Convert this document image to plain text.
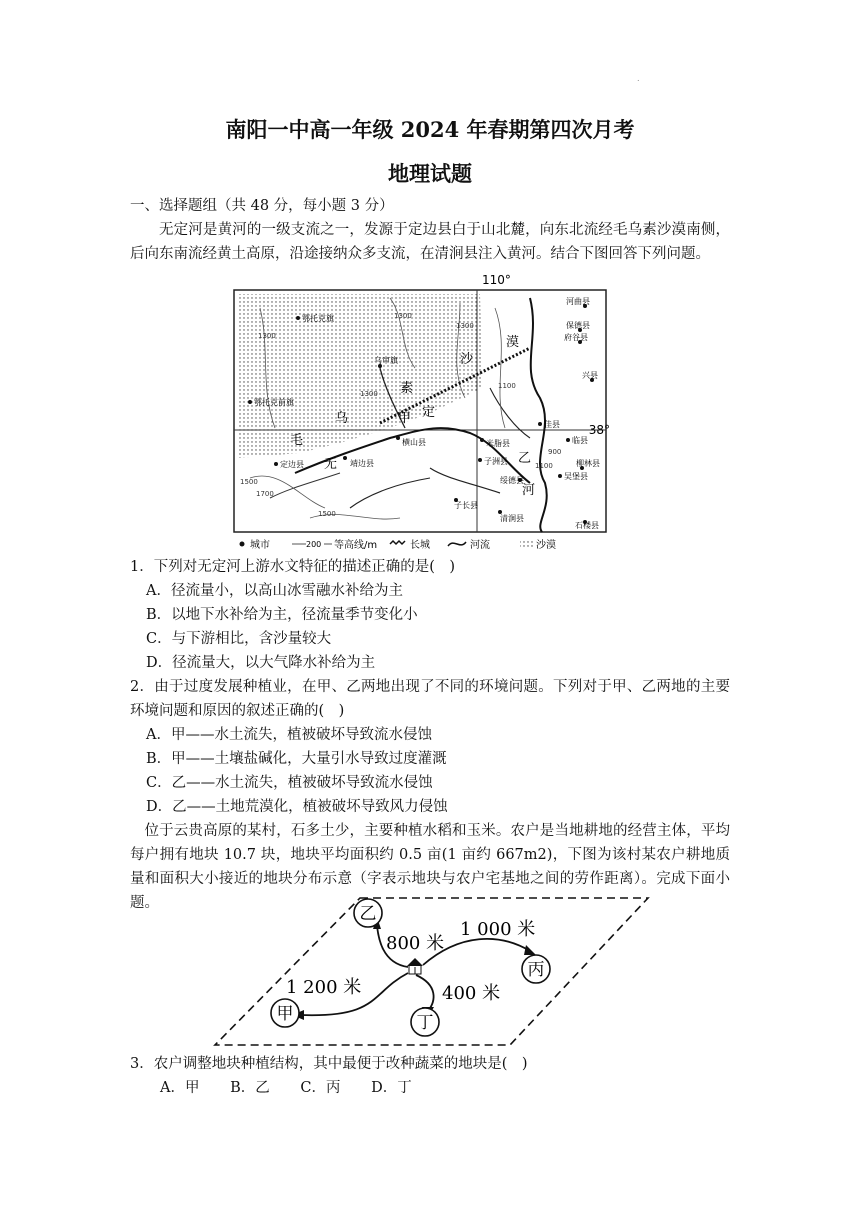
.
南阳一中高一年级 2024 年春期第四次月考
地理试题

一、选择题组（共 48 分，每小题 3 分）

无定河是黄河的一级支流之一，发源于定边县白于山北麓，向东北流经毛乌素沙漠南侧，后向东南流经黄土高原，沿途接纳众多支流，在清涧县注入黄河。结合下图回答下列问题。

110°
38°
鄂托克旗
乌审旗
鄂托克前旗
靖边县
横山县
定边县
米脂县
子洲县
绥德县
子长县
清涧县
佳县
临县
吴堡县
柳林县
石楼县
河曲县
保德县
府谷县
兴县
毛
乌
素
沙
漠
无
定
河
甲
乙
1300
1300
1300
1300
1100
1500
1700
1500
1100
900
城市	200 等高线/m	长城	河流	沙漠

1．下列对无定河上游水文特征的描述正确的是(　)

A．径流量小，以高山冰雪融水补给为主

B．以地下水补给为主，径流量季节变化小

C．与下游相比，含沙量较大

D．径流量大，以大气降水补给为主

2．由于过度发展种植业，在甲、乙两地出现了不同的环境问题。下列对于甲、乙两地的主要环境问题和原因的叙述正确的(　)

A．甲——水土流失，植被破坏导致流水侵蚀

B．甲——土壤盐碱化，大量引水导致过度灌溉

C．乙——水土流失，植被破坏导致流水侵蚀

D．乙——土地荒漠化，植被破坏导致风力侵蚀

位于云贵高原的某村，石多土少，主要种植水稻和玉米。农户是当地耕地的经营主体，平均每户拥有地块 10.7 块，地块平均面积约 0.5 亩(1 亩约 667m2)，下图为该村某农户耕地质量和面积大小接近的地块分布示意（字表示地块与农户宅基地之间的劳作距离）。完成下面小题。

乙
丙
丁
甲
800 米
1 000 米
1 200 米	400 米

3．农户调整地块种植结构，其中最便于改种蔬菜的地块是(　)

A．甲 B．乙 C．丙 D．丁
